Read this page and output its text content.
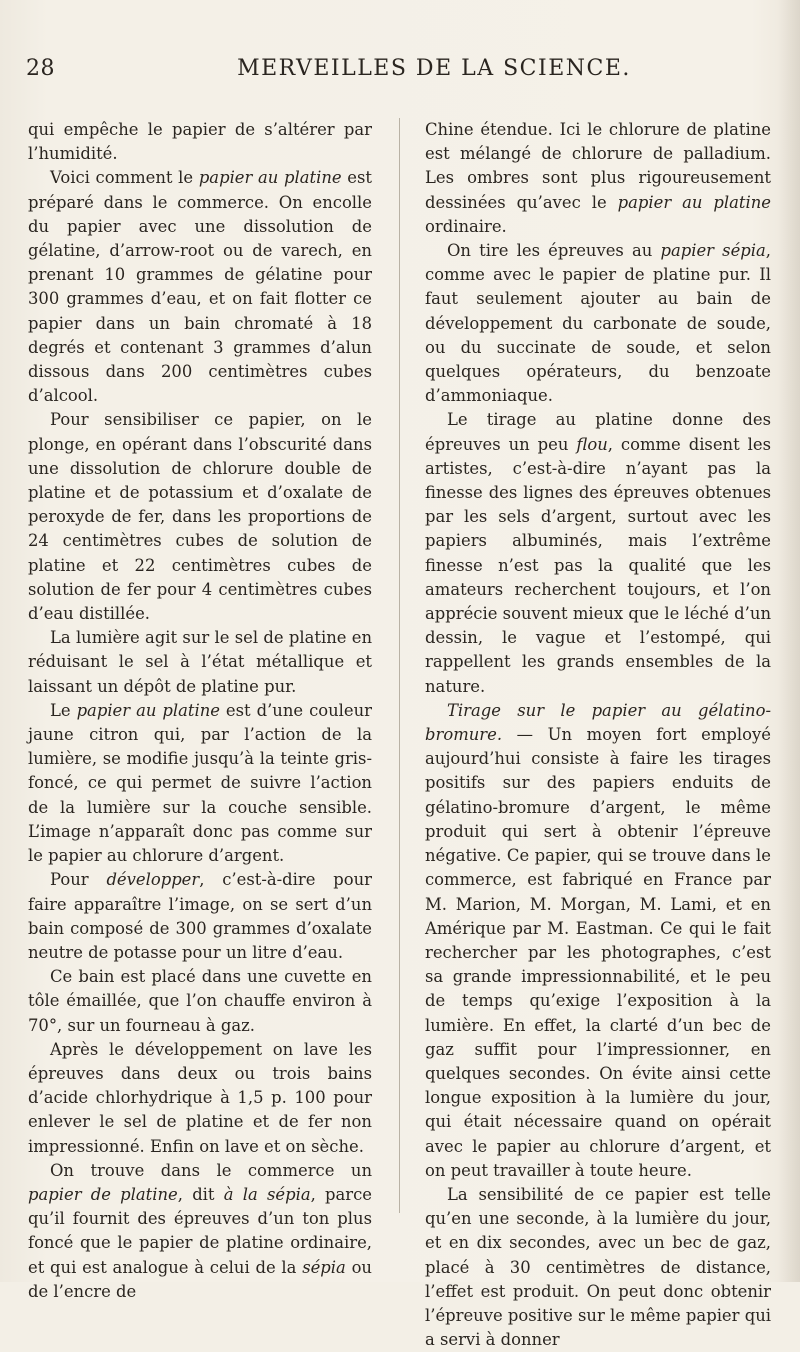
28	MERVEILLES DE LA SCIENCE.

qui empêche le papier de s’altérer par l’humidité.

Voici comment le papier au platine est préparé dans le commerce. On encolle du papier avec une dissolution de gélatine, d’arrow-root ou de varech, en prenant 10 grammes de gélatine pour 300 grammes d’eau, et on fait flotter ce papier dans un bain chromaté à 18 degrés et contenant 3 grammes d’alun dissous dans 200 centimètres cubes d’alcool.

Pour sensibiliser ce papier, on le plonge, en opérant dans l’obscurité dans une dissolution de chlorure double de platine et de potassium et d’oxalate de peroxyde de fer, dans les proportions de 24 centimètres cubes de solution de platine et 22 centimètres cubes de solution de fer pour 4 centimètres cubes d’eau distillée.

La lumière agit sur le sel de platine en réduisant le sel à l’état métallique et laissant un dépôt de platine pur.

Le papier au platine est d’une couleur jaune citron qui, par l’action de la lumière, se modifie jusqu’à la teinte gris-foncé, ce qui permet de suivre l’action de la lumière sur la couche sensible. L’image n’apparaît donc pas comme sur le papier au chlorure d’argent.

Pour développer, c’est-à-dire pour faire apparaître l’image, on se sert d’un bain composé de 300 grammes d’oxalate neutre de potasse pour un litre d’eau.

Ce bain est placé dans une cuvette en tôle émaillée, que l’on chauffe environ à 70°, sur un fourneau à gaz.

Après le développement on lave les épreuves dans deux ou trois bains d’acide chlorhydrique à 1,5 p. 100 pour enlever le sel de platine et de fer non impressionné. Enfin on lave et on sèche.

On trouve dans le commerce un papier de platine, dit à la sépia, parce qu’il fournit des épreuves d’un ton plus foncé que le papier de platine ordinaire, et qui est analogue à celui de la sépia ou de l’encre de

Chine étendue. Ici le chlorure de platine est mélangé de chlorure de palladium. Les ombres sont plus rigoureusement dessinées qu’avec le papier au platine ordinaire.

On tire les épreuves au papier sépia, comme avec le papier de platine pur. Il faut seulement ajouter au bain de développement du carbonate de soude, ou du succinate de soude, et selon quelques opérateurs, du benzoate d’ammoniaque.

Le tirage au platine donne des épreuves un peu flou, comme disent les artistes, c’est-à-dire n’ayant pas la finesse des lignes des épreuves obtenues par les sels d’argent, surtout avec les papiers albuminés, mais l’extrême finesse n’est pas la qualité que les amateurs recherchent toujours, et l’on apprécie souvent mieux que le léché d’un dessin, le vague et l’estompé, qui rappellent les grands ensembles de la nature.

Tirage sur le papier au gélatino-bromure. — Un moyen fort employé aujourd’hui consiste à faire les tirages positifs sur des papiers enduits de gélatino-bromure d’argent, le même produit qui sert à obtenir l’épreuve négative. Ce papier, qui se trouve dans le commerce, est fabriqué en France par M. Marion, M. Morgan, M. Lami, et en Amérique par M. Eastman. Ce qui le fait rechercher par les photographes, c’est sa grande impressionnabilité, et le peu de temps qu’exige l’exposition à la lumière. En effet, la clarté d’un bec de gaz suffit pour l’impressionner, en quelques secondes. On évite ainsi cette longue exposition à la lumière du jour, qui était nécessaire quand on opérait avec le papier au chlorure d’argent, et on peut travailler à toute heure.

La sensibilité de ce papier est telle qu’en une seconde, à la lumière du jour, et en dix secondes, avec un bec de gaz, placé à 30 centimètres de distance, l’effet est produit. On peut donc obtenir l’épreuve positive sur le même papier qui a servi à donner
